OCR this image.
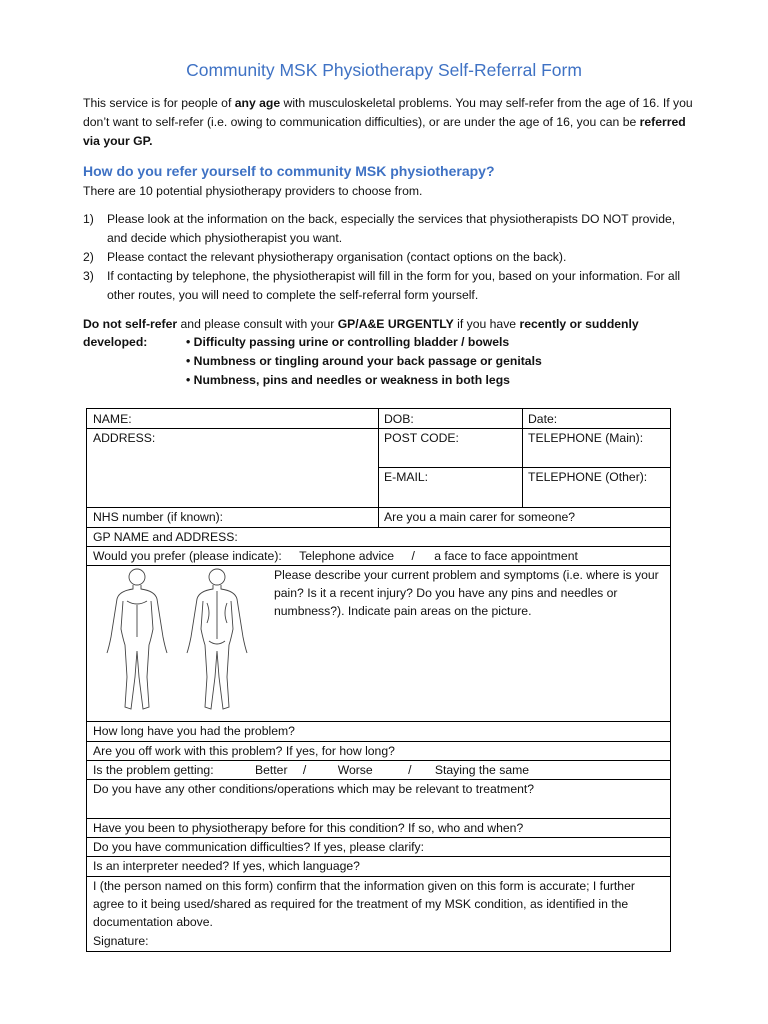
Community MSK Physiotherapy Self-Referral Form
This service is for people of any age with musculoskeletal problems. You may self-refer from the age of 16. If you don’t want to self-refer (i.e. owing to communication difficulties), or are under the age of 16, you can be referred via your GP.
How do you refer yourself to community MSK physiotherapy?
There are 10 potential physiotherapy providers to choose from.
1)	Please look at the information on the back, especially the services that physiotherapists DO NOT provide, and decide which physiotherapist you want.
2)	Please contact the relevant physiotherapy organisation (contact options on the back).
3)	If contacting by telephone, the physiotherapist will fill in the form for you, based on your information. For all other routes, you will need to complete the self-referral form yourself.
Do not self-refer and please consult with your GP/A&E URGENTLY if you have recently or suddenly
developed:	• Difficulty passing urine or controlling bladder / bowels
• Numbness or tingling around your back passage or genitals
• Numbness, pins and needles or weakness in both legs
NAME:	DOB:	Date:
ADDRESS:	POST CODE:	TELEPHONE (Main):
E-MAIL:	TELEPHONE (Other):
NHS number (if known):	Are you a main carer for someone?
GP NAME and ADDRESS:
Would you prefer (please indicate): Telephone advice / a face to face appointment
Please describe your current problem and symptoms (i.e. where is your pain? Is it a recent injury? Do you have any pins and needles or numbness?). Indicate pain areas on the picture.
How long have you had the problem?
Are you off work with this problem? If yes, for how long?
Is the problem getting:	Better /	Worse	/ Staying the same
Do you have any other conditions/operations which may be relevant to treatment?
Have you been to physiotherapy before for this condition? If so, who and when?
Do you have communication difficulties? If yes, please clarify:
Is an interpreter needed? If yes, which language?
I (the person named on this form) confirm that the information given on this form is accurate; I further agree to it being used/shared as required for the treatment of my MSK condition, as identified in the documentation above.
Signature:
